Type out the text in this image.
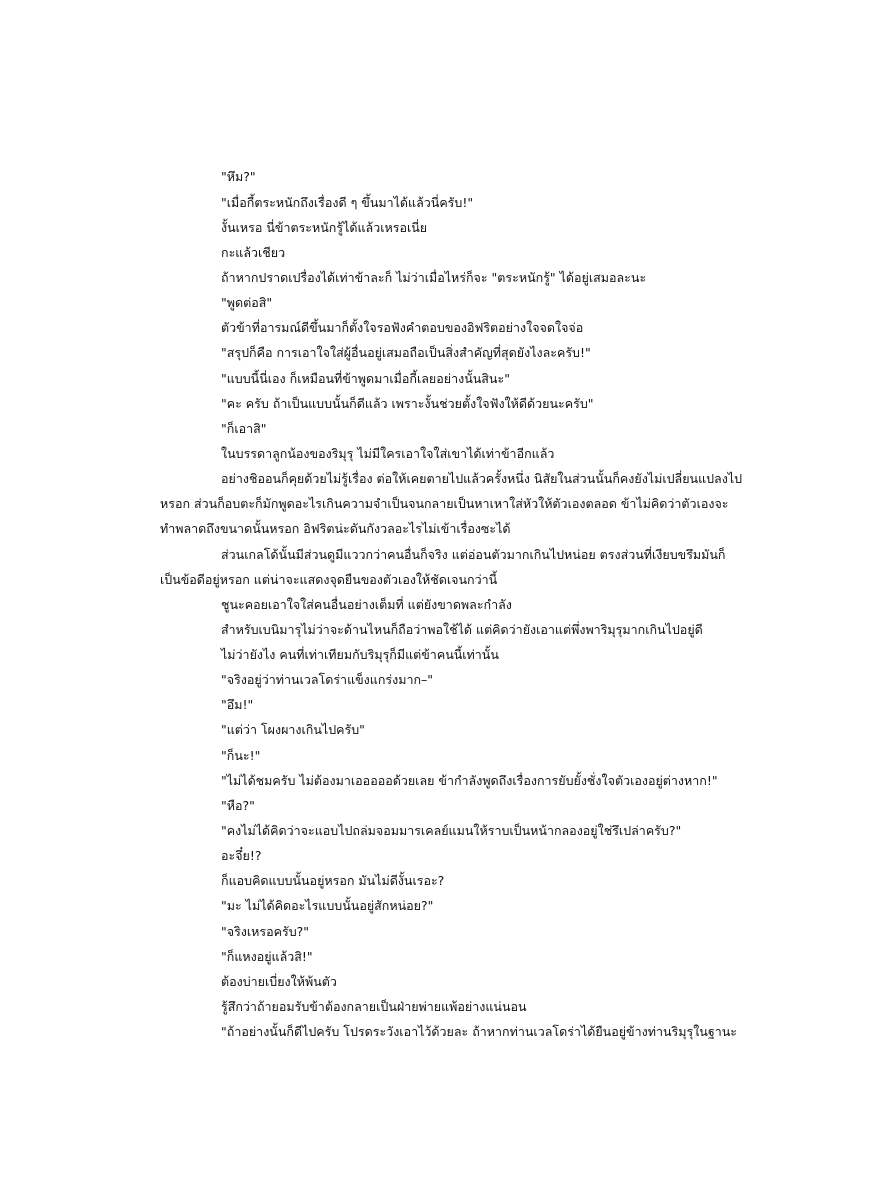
"หึม?"

"เมื่อกี้ตระหนักถึงเรื่องดี ๆ ขึ้นมาได้แล้วนี่ครับ!"

งั้นเหรอ นี่ข้าตระหนักรู้ได้แล้วเหรอเนี่ย

กะแล้วเชียว

ถ้าหากปราดเปรื่องได้เท่าข้าละก็ ไม่ว่าเมื่อไหร่ก็จะ "ตระหนักรู้" ได้อยู่เสมอละนะ

"พูดต่อสิ"

ตัวข้าที่อารมณ์ดีขึ้นมาก็ตั้งใจรอฟังคำตอบของอิฟริตอย่างใจจดใจจ่อ

"สรุปก็คือ การเอาใจใส่ผู้อื่นอยู่เสมอถือเป็นสิ่งสำคัญที่สุดยังไงละครับ!"

"แบบนี้นี่เอง ก็เหมือนที่ข้าพูดมาเมื่อกี้เลยอย่างนั้นสินะ"

"คะ ครับ ถ้าเป็นแบบนั้นก็ดีแล้ว เพราะงั้นช่วยตั้งใจฟังให้ดีด้วยนะครับ"

"ก็เอาสิ"

ในบรรดาลูกน้องของริมุรุ ไม่มีใครเอาใจใส่เขาได้เท่าข้าอีกแล้ว

อย่างชิออนก็คุยด้วยไม่รู้เรื่อง ต่อให้เคยตายไปแล้วครั้งหนึ่ง นิสัยในส่วนนั้นก็คงยังไม่เปลี่ยนแปลงไป

หรอก ส่วนก็อบตะก็มักพูดอะไรเกินความจำเป็นจนกลายเป็นหาเหาใส่หัวให้ตัวเองตลอด ข้าไม่คิดว่าตัวเองจะ

ทำพลาดถึงขนาดนั้นหรอก อิฟริตน่ะดันกังวลอะไรไม่เข้าเรื่องซะได้

ส่วนเกลโด้นั้นมีส่วนดูมีแววกว่าคนอื่นก็จริง แต่อ่อนตัวมากเกินไปหน่อย ตรงส่วนที่เงียบขรึมมันก็

เป็นข้อดีอยู่หรอก แต่น่าจะแสดงจุดยืนของตัวเองให้ชัดเจนกว่านี้

ชูนะคอยเอาใจใส่คนอื่นอย่างเต็มที่ แต่ยังขาดพละกำลัง

สำหรับเบนิมารุไม่ว่าจะด้านไหนก็ถือว่าพอใช้ได้ แต่คิดว่ายังเอาแต่พึ่งพาริมุรุมากเกินไปอยู่ดี

ไม่ว่ายังไง คนที่เท่าเทียมกับริมุรุก็มีแต่ข้าคนนี้เท่านั้น

"จริงอยู่ว่าท่านเวลโดร่าแข็งแกร่งมาก–"

"อึม!"

"แต่ว่า โผงผางเกินไปครับ"

"ก็นะ!"

"ไม่ได้ชมครับ ไม่ต้องมาเอออออด้วยเลย ข้ากำลังพูดถึงเรื่องการยับยั้งชั่งใจตัวเองอยู่ต่างหาก!"

"หือ?"

"คงไม่ได้คิดว่าจะแอบไปถล่มจอมมารเคลย์แมนให้ราบเป็นหน้ากลองอยู่ใช่รึเปล่าครับ?"

อะจึ๋ย!?

ก็แอบคิดแบบนั้นอยู่หรอก มันไม่ดีงั้นเรอะ?

"มะ ไม่ได้คิดอะไรแบบนั้นอยู่สักหน่อย?"

"จริงเหรอครับ?"

"ก็แหงอยู่แล้วสิ!"

ต้องบ่ายเบี่ยงให้พ้นตัว

รู้สึกว่าถ้ายอมรับข้าต้องกลายเป็นฝ่ายพ่ายแพ้อย่างแน่นอน

"ถ้าอย่างนั้นก็ดีไปครับ โปรดระวังเอาไว้ด้วยละ ถ้าหากท่านเวลโดร่าได้ยืนอยู่ข้างท่านริมุรุในฐานะ
